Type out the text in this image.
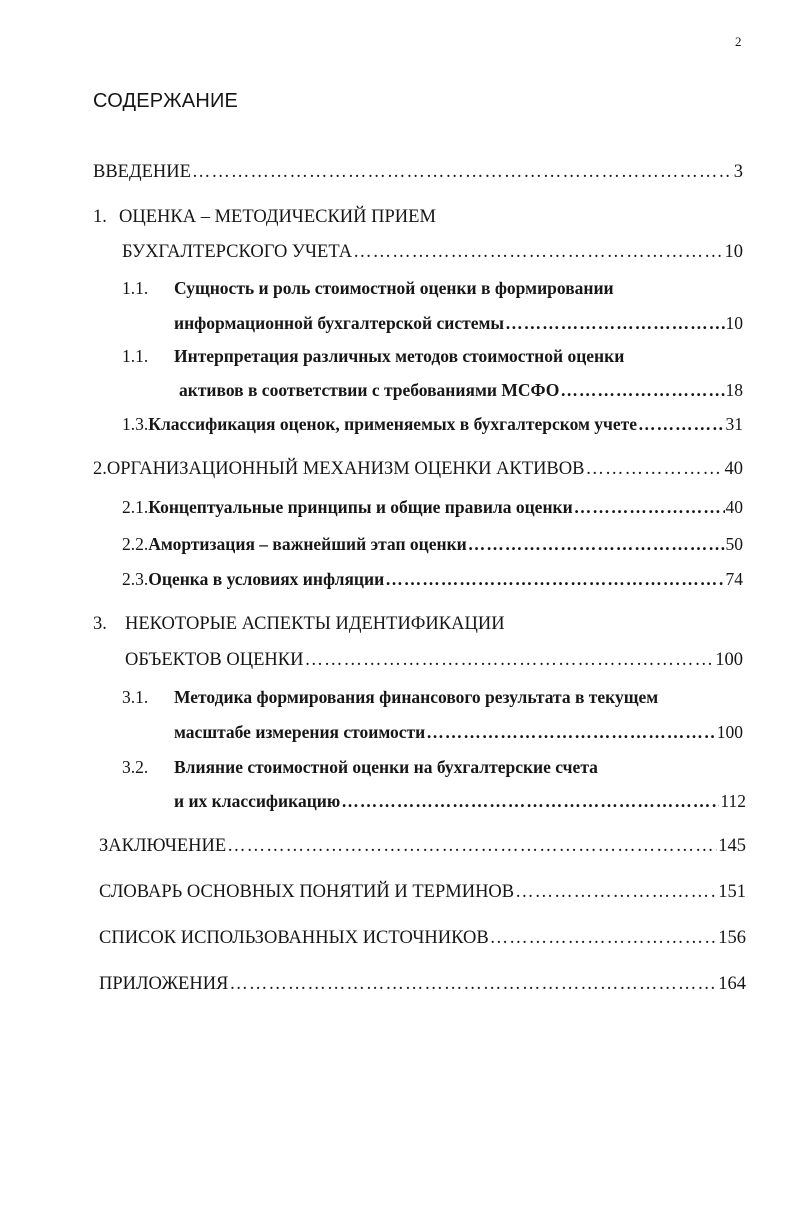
2
СОДЕРЖАНИЕ
ВВЕДЕНИЕ ………………………………………………………………………………………………………………………………………………………………………………	3
1. ОЦЕНКА – МЕТОДИЧЕСКИЙ ПРИЕМ
БУХГАЛТЕРСКОГО УЧЕТА ………………………………………………………………………………………………………………………………………………………………………………	10
1.1.	Сущность и роль стоимостной оценки в формировании
информационной бухгалтерской системы ………………………………………………………………………………………………………………………………………………………………………………	10
1.1.	Интерпретация различных методов стоимостной оценки
активов в соответствии с требованиями МСФО ………………………………………………………………………………………………………………………………………………………………………………	18
1.3. Классификация оценок, применяемых в бухгалтерском учете ………………………………………………………………………………………………………………………………………………………………………………	31
2. ОРГАНИЗАЦИОННЫЙ МЕХАНИЗМ ОЦЕНКИ АКТИВОВ ………………………………………………………………………………………………………………………………………………………………………………	40
2.1. Концептуальные принципы и общие правила оценки ………………………………………………………………………………………………………………………………………………………………………………	40
2.2. Амортизация – важнейший этап оценки ………………………………………………………………………………………………………………………………………………………………………………	50
2.3. Оценка в условиях инфляции ………………………………………………………………………………………………………………………………………………………………………………	74
3. НЕКОТОРЫЕ АСПЕКТЫ ИДЕНТИФИКАЦИИ
ОБЪЕКТОВ ОЦЕНКИ ………………………………………………………………………………………………………………………………………………………………………………	100
3.1.	Методика формирования финансового результата в текущем
масштабе измерения стоимости ………………………………………………………………………………………………………………………………………………………………………………	100
3.2.	Влияние стоимостной оценки на бухгалтерские счета
и их классификацию ………………………………………………………………………………………………………………………………………………………………………………	112
ЗАКЛЮЧЕНИЕ ………………………………………………………………………………………………………………………………………………………………………………	145
СЛОВАРЬ ОСНОВНЫХ ПОНЯТИЙ И ТЕРМИНОВ ………………………………………………………………………………………………………………………………………………………………………………	151
СПИСОК ИСПОЛЬЗОВАННЫХ ИСТОЧНИКОВ ………………………………………………………………………………………………………………………………………………………………………………	156
ПРИЛОЖЕНИЯ ………………………………………………………………………………………………………………………………………………………………………………	164
